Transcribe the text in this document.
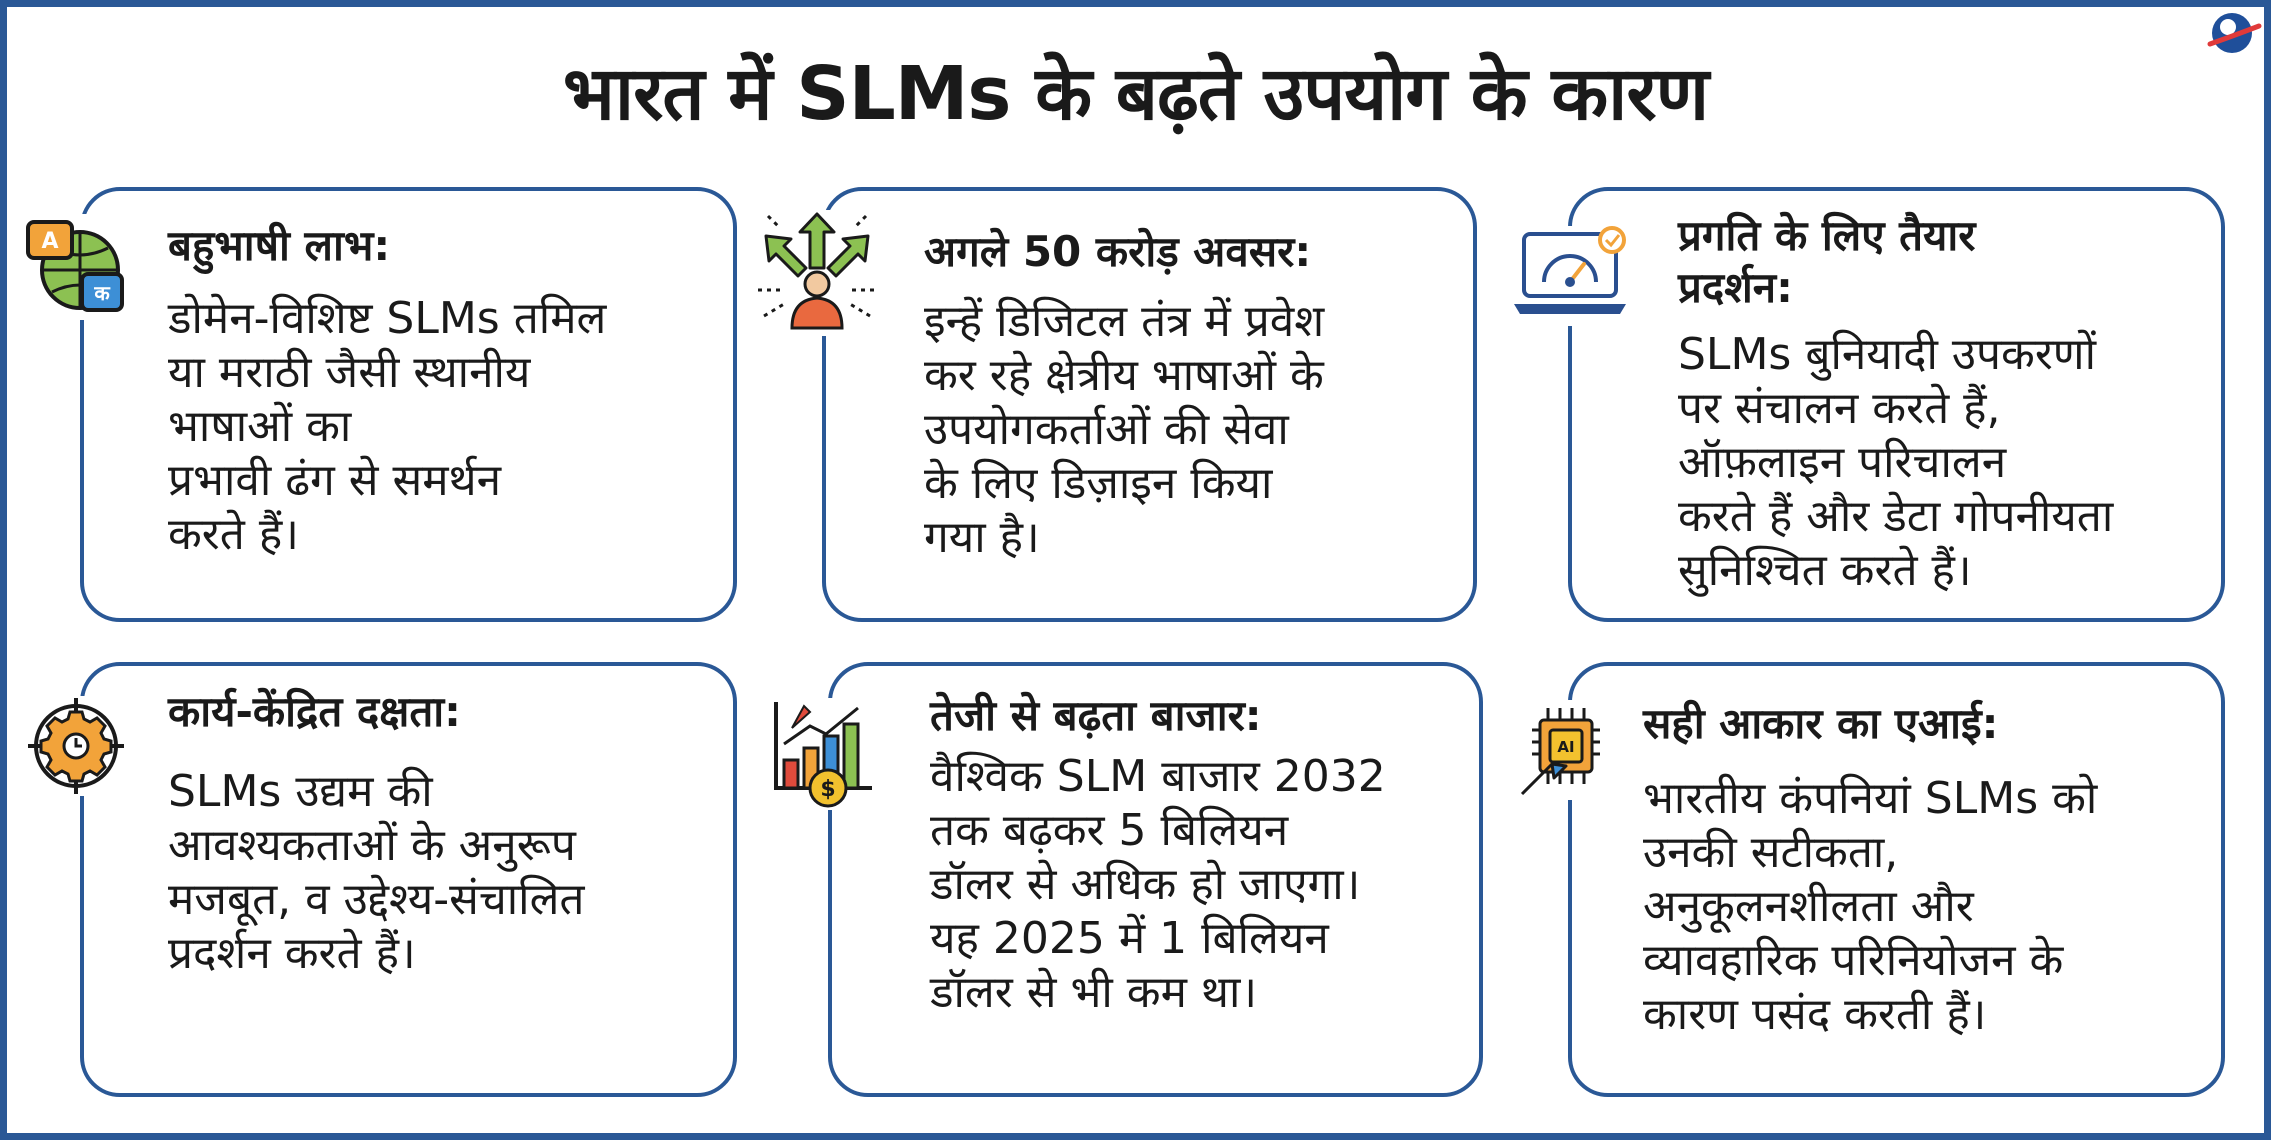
भारत में SLMs के बढ़ते उपयोग के कारण
A
क
बहुभाषी लाभ:
डोमेन-विशिष्ट SLMs तमिल
या मराठी जैसी स्थानीय
भाषाओं का
प्रभावी ढंग से समर्थन
करते हैं।
अगले 50 करोड़ अवसर:
इन्हें डिजिटल तंत्र में प्रवेश
कर रहे क्षेत्रीय भाषाओं के
उपयोगकर्ताओं की सेवा
के लिए डिज़ाइन किया
गया है।
प्रगति के लिए तैयार
प्रदर्शन:
SLMs बुनियादी उपकरणों
पर संचालन करते हैं,
ऑफ़लाइन परिचालन
करते हैं और डेटा गोपनीयता
सुनिश्चित करते हैं।
कार्य-केंद्रित दक्षता:
SLMs उद्यम की
आवश्यकताओं के अनुरूप
मजबूत, व उद्देश्य-संचालित
प्रदर्शन करते हैं।
$
तेजी से बढ़ता बाजार:
वैश्विक SLM बाजार 2032
तक बढ़कर 5 बिलियन
डॉलर से अधिक हो जाएगा।
यह 2025 में 1 बिलियन
डॉलर से भी कम था।
AI सही आकार का एआई:
भारतीय कंपनियां SLMs को
उनकी सटीकता,
अनुकूलनशीलता और
व्यावहारिक परिनियोजन के
कारण पसंद करती हैं।
